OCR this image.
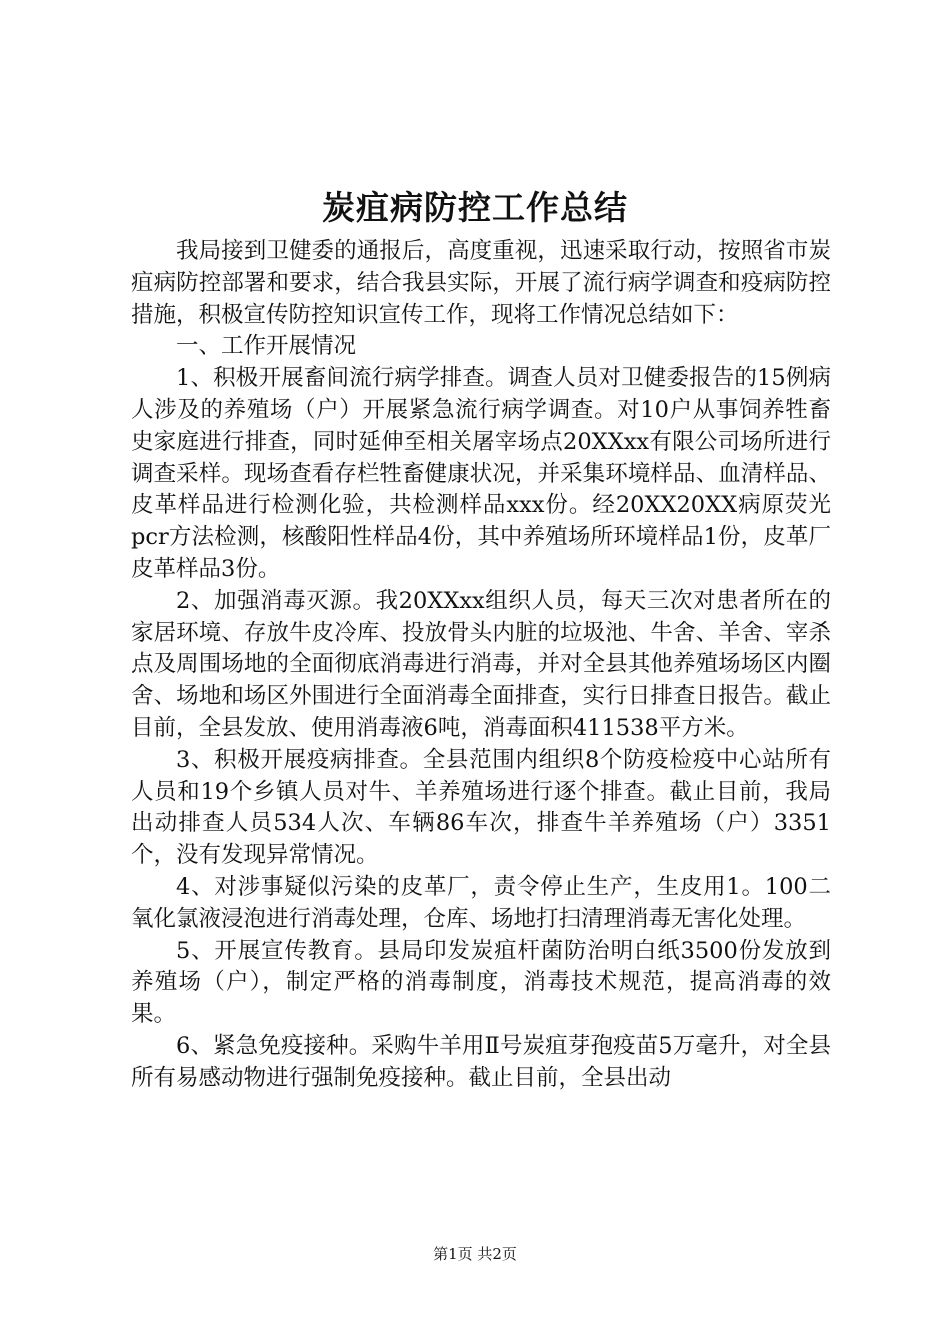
炭疽病防控工作总结

我局接到卫健委的通报后，高度重视，迅速采取行动，按照省市炭疽病防控部署和要求，结合我县实际，开展了流行病学调查和疫病防控措施，积极宣传防控知识宣传工作，现将工作情况总结如下：

一、工作开展情况

1、积极开展畜间流行病学排查。调查人员对卫健委报告的15例病人涉及的养殖场（户）开展紧急流行病学调查。对10户从事饲养牲畜史家庭进行排查，同时延伸至相关屠宰场点20XXxx有限公司场所进行调查采样。现场查看存栏牲畜健康状况，并采集环境样品、血清样品、皮革样品进行检测化验，共检测样品xxx份。经20XX20XX病原荧光pcr方法检测，核酸阳性样品4份，其中养殖场所环境样品1份，皮革厂皮革样品3份。

2、加强消毒灭源。我20XXxx组织人员，每天三次对患者所在的家居环境、存放牛皮冷库、投放骨头内脏的垃圾池、牛舍、羊舍、宰杀点及周围场地的全面彻底消毒进行消毒，并对全县其他养殖场场区内圈舍、场地和场区外围进行全面消毒全面排查，实行日排查日报告。截止目前，全县发放、使用消毒液6吨，消毒面积411538平方米。

3、积极开展疫病排查。全县范围内组织8个防疫检疫中心站所有人员和19个乡镇人员对牛、羊养殖场进行逐个排查。截止目前，我局出动排查人员534人次、车辆86车次，排查牛羊养殖场（户）3351个，没有发现异常情况。

4、对涉事疑似污染的皮革厂，责令停止生产，生皮用1。100二氧化氯液浸泡进行消毒处理，仓库、场地打扫清理消毒无害化处理。

5、开展宣传教育。县局印发炭疽杆菌防治明白纸3500份发放到养殖场（户），制定严格的消毒制度，消毒技术规范，提高消毒的效果。

6、紧急免疫接种。采购牛羊用Ⅱ号炭疽芽孢疫苗5万毫升，对全县所有易感动物进行强制免疫接种。截止目前，全县出动

第1页 共2页
